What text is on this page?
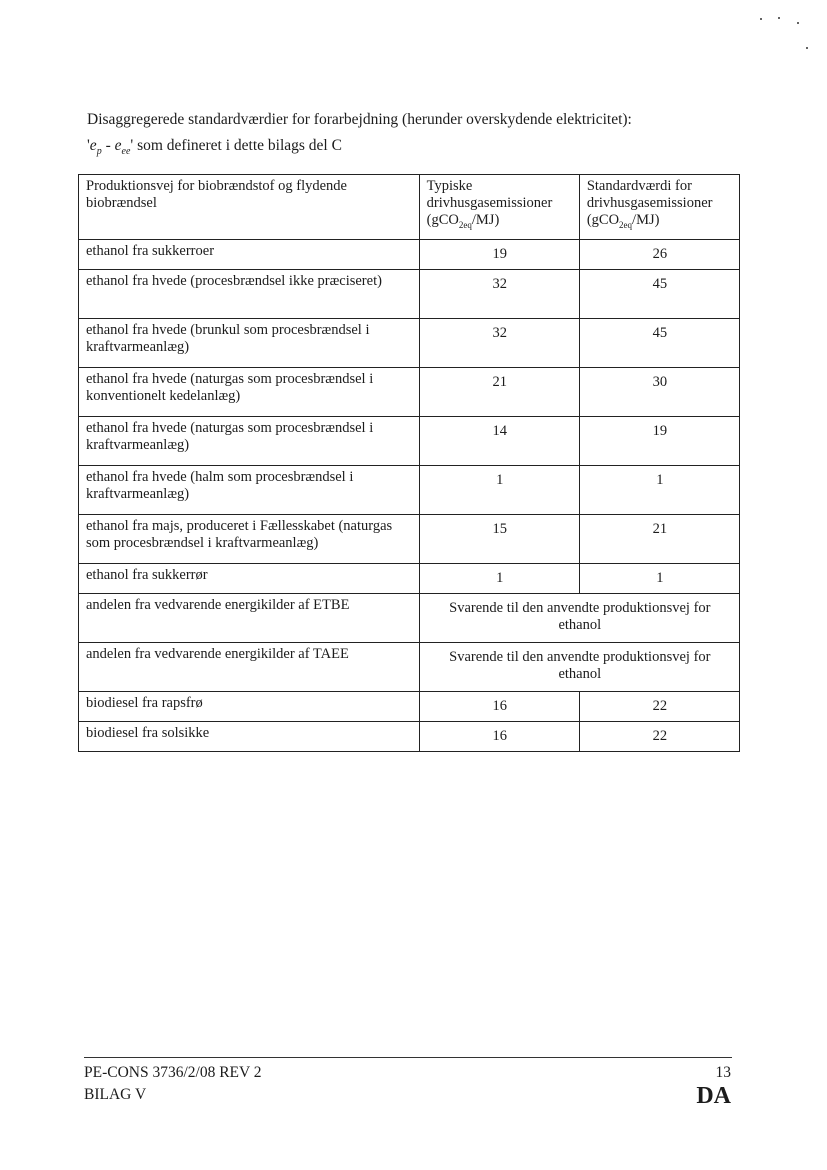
Disaggregerede standardværdier for forarbejdning (herunder overskydende elektricitet):
'$e_p - e_{ee}$' som defineret i dette bilags del C
Produktionsvej for biobrændstof og flydende biobrændsel	Typiske drivhusgasemissioner (gCO$_{2eq}$/MJ)	Standardværdi for drivhusgasemissioner (gCO$_{2eq}$/MJ)
ethanol fra sukkerroer	19	26
ethanol fra hvede (procesbrændsel ikke præciseret)	32	45
ethanol fra hvede (brunkul som procesbrændsel i kraftvarmeanlæg)	32	45
ethanol fra hvede (naturgas som procesbrændsel i konventionelt kedelanlæg)	21	30
ethanol fra hvede (naturgas som procesbrændsel i kraftvarmeanlæg)	14	19
ethanol fra hvede (halm som procesbrændsel i kraftvarmeanlæg)	1	1
ethanol fra majs, produceret i Fællesskabet (naturgas som procesbrændsel i kraftvarmeanlæg)	15	21
ethanol fra sukkerrør	1	1
andelen fra vedvarende energikilder af ETBE	Svarende til den anvendte produktionsvej for ethanol	
andelen fra vedvarende energikilder af TAEE	Svarende til den anvendte produktionsvej for ethanol	
biodiesel fra rapsfrø	16	22
biodiesel fra solsikke	16	22
PE-CONS 3736/2/08 REV 2
BILAG V
13
DA
